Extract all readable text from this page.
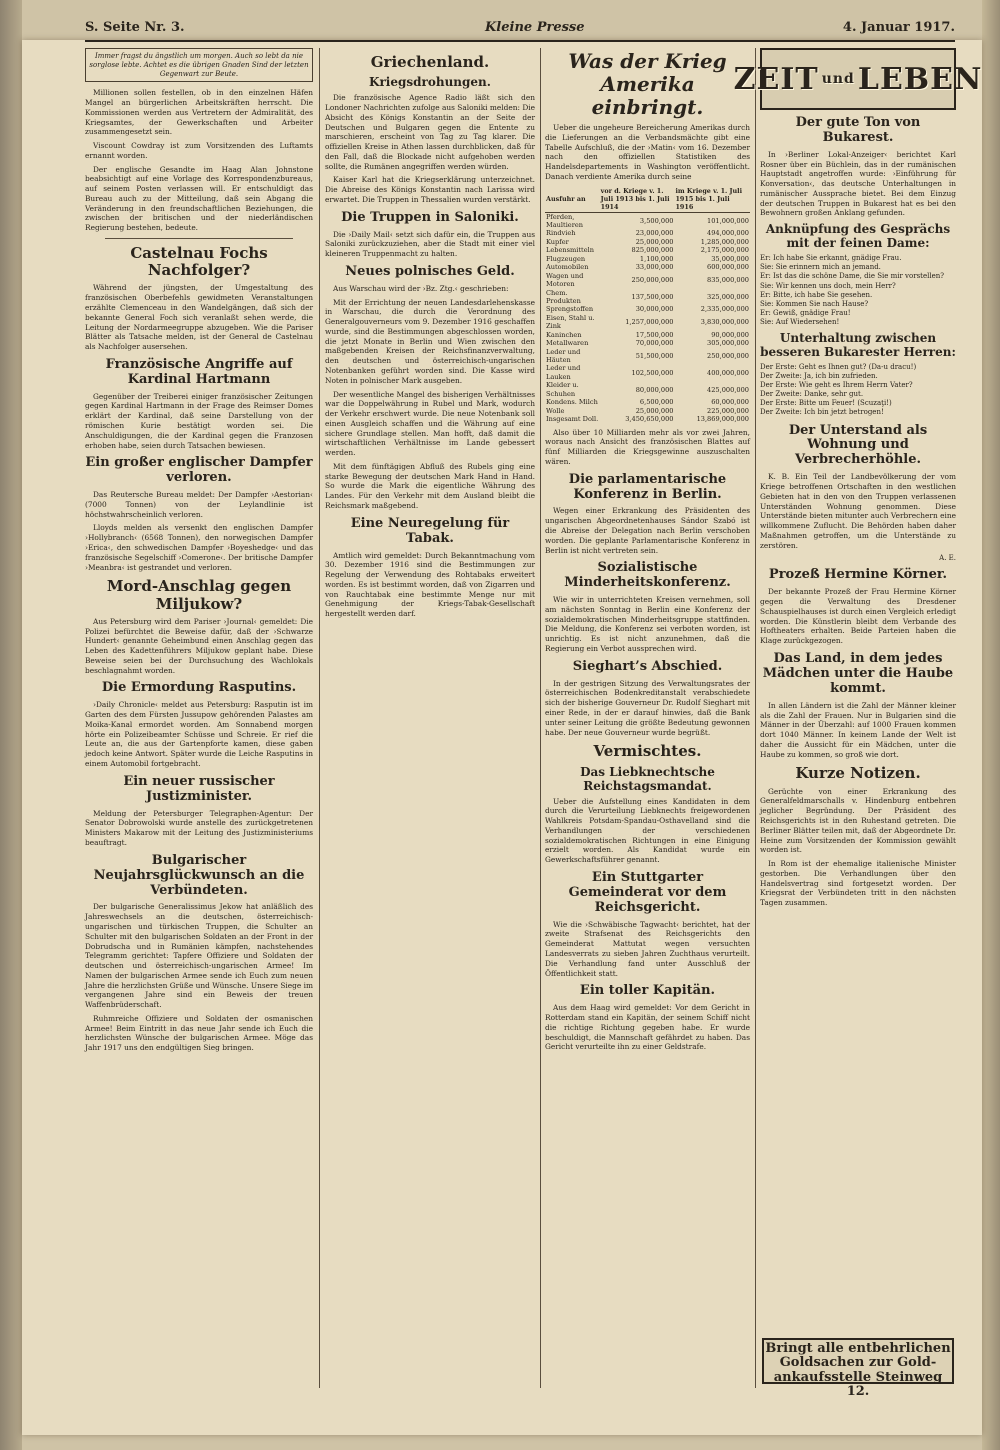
S. Seite Nr. 3.	Kleine Presse	4. Januar 1917.
Immer fragst du ängstlich um morgen. Auch so lebt da nie sorglose lebte. Achtet es die übrigen Gnaden Sind der letzten Gegenwart zur Beute.

Millionen sollen festellen, ob in den einzelnen Häfen Mangel an bürgerlichen Arbeitskräften herrscht. Die Kommissionen werden aus Vertretern der Admiralität, des Kriegsamtes, der Gewerkschaften und Arbeiter zusammengesetzt sein.

Viscount Cowdray ist zum Vorsitzenden des Luftamts ernannt worden.

Der englische Gesandte im Haag Alan Johnstone beabsichtigt auf eine Vorlage des Korrespondenzbureaus, auf seinem Posten verlassen will. Er entschuldigt das Bureau auch zu der Mitteilung, daß sein Abgang die Veränderung in den freundschaftlichen Beziehungen, die zwischen der britischen und der niederländischen Regierung bestehen, bedeute.

Castelnau Fochs Nachfolger?

Während der jüngsten, der Umgestaltung des französischen Oberbefehls gewidmeten Veranstaltungen erzählte Clemenceau in den Wandelgängen, daß sich der bekannte General Foch sich veranlaßt sehen werde, die Leitung der Nordarmeegruppe abzugeben. Wie die Pariser Blätter als Tatsache melden, ist der General de Castelnau als Nachfolger ausersehen.

Französische Angriffe auf Kardinal Hartmann

Gegenüber der Treiberei einiger französischer Zeitungen gegen Kardinal Hartmann in der Frage des Reimser Domes erklärt der Kardinal, daß seine Darstellung von der römischen Kurie bestätigt worden sei. Die Anschuldigungen, die der Kardinal gegen die Franzosen erhoben habe, seien durch Tatsachen bewiesen.

Ein großer englischer Dampfer verloren.

Das Reutersche Bureau meldet: Der Dampfer ›Aestorian‹ (7000 Tonnen) von der Leylandlinie ist höchstwahrscheinlich verloren.

Lloyds melden als versenkt den englischen Dampfer ›Hollybranch‹ (6568 Tonnen), den norwegischen Dampfer ›Erica‹, den schwedischen Dampfer ›Boyeshedge‹ und das französische Segelschiff ›Comerone‹. Der britische Dampfer ›Meanbra‹ ist gestrandet und verloren.

Mord-Anschlag gegen Miljukow?

Aus Petersburg wird dem Pariser ›Journal‹ gemeldet: Die Polizei befürchtet die Beweise dafür, daß der ›Schwarze Hundert‹ genannte Geheimbund einen Anschlag gegen das Leben des Kadettenführers Miljukow geplant habe. Diese Beweise seien bei der Durchsuchung des Wachlokals beschlagnahmt worden.

Die Ermordung Rasputins.

›Daily Chronicle‹ meldet aus Petersburg: Rasputin ist im Garten des dem Fürsten Jussupow gehörenden Palastes am Moika-Kanal ermordet worden. Am Sonnabend morgen hörte ein Polizeibeamter Schüsse und Schreie. Er rief die Leute an, die aus der Gartenpforte kamen, diese gaben jedoch keine Antwort. Später wurde die Leiche Rasputins in einem Automobil fortgebracht.

Ein neuer russischer Justizminister.

Meldung der Petersburger Telegraphen-Agentur: Der Senator Dobrowolski wurde anstelle des zurückgetretenen Ministers Makarow mit der Leitung des Justizministeriums beauftragt.

Bulgarischer Neujahrsglückwunsch an die Verbündeten.

Der bulgarische Generalissimus Jekow hat anläßlich des Jahreswechsels an die deutschen, österreichisch-ungarischen und türkischen Truppen, die Schulter an Schulter mit den bulgarischen Soldaten an der Front in der Dobrudscha und in Rumänien kämpfen, nachstehendes Telegramm gerichtet: Tapfere Offiziere und Soldaten der deutschen und österreichisch-ungarischen Armee! Im Namen der bulgarischen Armee sende ich Euch zum neuen Jahre die herzlichsten Grüße und Wünsche. Unsere Siege im vergangenen Jahre sind ein Beweis der treuen Waffenbrüderschaft.

Ruhmreiche Offiziere und Soldaten der osmanischen Armee! Beim Eintritt in das neue Jahr sende ich Euch die herzlichsten Wünsche der bulgarischen Armee. Möge das Jahr 1917 uns den endgültigen Sieg bringen.

Griechenland.
Kriegsdrohungen.

Die französische Agence Radio läßt sich den Londoner Nachrichten zufolge aus Saloniki melden: Die Absicht des Königs Konstantin an der Seite der Deutschen und Bulgaren gegen die Entente zu marschieren, erscheint von Tag zu Tag klarer. Die offiziellen Kreise in Athen lassen durchblicken, daß für den Fall, daß die Blockade nicht aufgehoben werden sollte, die Rumänen angegriffen werden würden.

Kaiser Karl hat die Kriegserklärung unterzeichnet. Die Abreise des Königs Konstantin nach Larissa wird erwartet. Die Truppen in Thessalien wurden verstärkt.

Die Truppen in Saloniki.

Die ›Daily Mail‹ setzt sich dafür ein, die Truppen aus Saloniki zurückzuziehen, aber die Stadt mit einer viel kleineren Truppenmacht zu halten.

Neues polnisches Geld.

Aus Warschau wird der ›Bz. Ztg.‹ geschrieben:

Mit der Errichtung der neuen Landesdarlehenskasse in Warschau, die durch die Verordnung des Generalgouverneurs vom 9. Dezember 1916 geschaffen wurde, sind die Bestimmungen abgeschlossen worden, die jetzt Monate in Berlin und Wien zwischen den maßgebenden Kreisen der Reichsfinanzverwaltung, den deutschen und österreichisch-ungarischen Notenbanken geführt worden sind. Die Kasse wird Noten in polnischer Mark ausgeben.

Der wesentliche Mangel des bisherigen Verhältnisses war die Doppelwährung in Rubel und Mark, wodurch der Verkehr erschwert wurde. Die neue Notenbank soll einen Ausgleich schaffen und die Währung auf eine sichere Grundlage stellen. Man hofft, daß damit die wirtschaftlichen Verhältnisse im Lande gebessert werden.

Mit dem fünftägigen Abfluß des Rubels ging eine starke Bewegung der deutschen Mark Hand in Hand. So wurde die Mark die eigentliche Währung des Landes. Für den Verkehr mit dem Ausland bleibt die Reichsmark maßgebend.

Eine Neuregelung für Tabak.

Amtlich wird gemeldet: Durch Bekanntmachung vom 30. Dezember 1916 sind die Bestimmungen zur Regelung der Verwendung des Rohtabaks erweitert worden. Es ist bestimmt worden, daß von Zigarren und von Rauchtabak eine bestimmte Menge nur mit Genehmigung der Kriegs-Tabak-Gesellschaft hergestellt werden darf.

Was der Krieg Amerika einbringt.

Ueber die ungeheure Bereicherung Amerikas durch die Lieferungen an die Verbandsmächte gibt eine Tabelle Aufschluß, die der ›Matin‹ vom 16. Dezember nach den offiziellen Statistiken des Handelsdepartements in Washington veröffentlicht. Danach verdiente Amerika durch seine

Ausfuhr an	vor d. Kriege v. 1. Juli 1913 bis 1. Juli 1914	im Kriege v. 1. Juli 1915 bis 1. Juli 1916
Pferden, Maultieren	3,500,000	101,000,000
Rindvieh	23,000,000	494,000,000
Kupfer	25,000,000	1,285,000,000
Lebensmitteln	825,000,000	2,175,000,000
Flugzeugen	1,100,000	35,000,000
Automobilen	33,000,000	600,000,000
Wagen und Motoren	250,000,000	835,000,000
Chem. Produkten	137,500,000	325,000,000
Sprengstoffen	30,000,000	2,335,000,000
Eisen, Stahl u. Zink	1,257,000,000	3,830,000,000
Kaninchen	17,500,000	90,000,000
Metallwaren	70,000,000	305,000,000
Leder und Häuten	51,500,000	250,000,000
Leder und Lauken	102,500,000	400,000,000
Kleider u. Schuhen	80,000,000	425,000,000
Kondens. Milch	6,500,000	60,000,000
Wolle	25,000,000	225,000,000
Insgesamt Doll.	3,450,650,000	13,869,000,000

Also über 10 Milliarden mehr als vor zwei Jahren, woraus nach Ansicht des französischen Blattes auf fünf Milliarden die Kriegsgewinne auszuschalten wären.

Die parlamentarische Konferenz in Berlin.

Wegen einer Erkrankung des Präsidenten des ungarischen Abgeordnetenhauses Sándor Szabó ist die Abreise der Delegation nach Berlin verschoben worden. Die geplante Parlamentarische Konferenz in Berlin ist nicht vertreten sein.

Sozialistische Minderheitskonferenz.

Wie wir in unterrichteten Kreisen vernehmen, soll am nächsten Sonntag in Berlin eine Konferenz der sozialdemokratischen Minderheitsgruppe stattfinden. Die Meldung, die Konferenz sei verboten worden, ist unrichtig. Es ist nicht anzunehmen, daß die Regierung ein Verbot aussprechen wird.

Sieghart’s Abschied.

In der gestrigen Sitzung des Verwaltungsrates der österreichischen Bodenkreditanstalt verabschiedete sich der bisherige Gouverneur Dr. Rudolf Sieghart mit einer Rede, in der er darauf hinwies, daß die Bank unter seiner Leitung die größte Bedeutung gewonnen habe. Der neue Gouverneur wurde begrüßt.

Vermischtes.
Das Liebknechtsche Reichstagsmandat.

Ueber die Aufstellung eines Kandidaten in dem durch die Verurteilung Liebknechts freigewordenen Wahlkreis Potsdam-Spandau-Osthavelland sind die Verhandlungen der verschiedenen sozialdemokratischen Richtungen in eine Einigung erzielt worden. Als Kandidat wurde ein Gewerkschaftsführer genannt.

Ein Stuttgarter Gemeinderat vor dem Reichsgericht.

Wie die ›Schwäbische Tagwacht‹ berichtet, hat der zweite Strafsenat des Reichsgerichts den Gemeinderat Mattutat wegen versuchten Landesverrats zu sieben Jahren Zuchthaus verurteilt. Die Verhandlung fand unter Ausschluß der Öffentlichkeit statt.

Ein toller Kapitän.

Aus dem Haag wird gemeldet: Vor dem Gericht in Rotterdam stand ein Kapitän, der seinem Schiff nicht die richtige Richtung gegeben habe. Er wurde beschuldigt, die Mannschaft gefährdet zu haben. Das Gericht verurteilte ihn zu einer Geldstrafe.

ZEIT und LEBEN
Der gute Ton von Bukarest.

In ›Berliner Lokal-Anzeiger‹ berichtet Karl Rosner über ein Büchlein, das in der rumänischen Hauptstadt angetroffen wurde: ›Einführung für Konversation‹, das deutsche Unterhaltungen in rumänischer Aussprache bietet. Bei dem Einzug der deutschen Truppen in Bukarest hat es bei den Bewohnern großen Anklang gefunden.

Anknüpfung des Gesprächs mit der feinen Dame:
Er: Ich habe Sie erkannt, gnädige Frau.
Sie: Sie erinnern mich an jemand.
Er: Ist das die schöne Dame, die Sie mir vorstellen?
Sie: Wir kennen uns doch, mein Herr?
Er: Bitte, ich habe Sie gesehen.
Sie: Kommen Sie nach Hause?
Er: Gewiß, gnädige Frau!
Sie: Auf Wiedersehen!
Unterhaltung zwischen besseren Bukarester Herren:
Der Erste: Geht es Ihnen gut? (Da-u dracu!)
Der Zweite: Ja, ich bin zufrieden.
Der Erste: Wie geht es Ihrem Herrn Vater?
Der Zweite: Danke, sehr gut.
Der Erste: Bitte um Feuer! (Scuzaţi!)
Der Zweite: Ich bin jetzt betrogen!
Der Unterstand als Wohnung und Verbrecherhöhle.

K. B. Ein Teil der Landbevölkerung der vom Kriege betroffenen Ortschaften in den westlichen Gebieten hat in den von den Truppen verlassenen Unterständen Wohnung genommen. Diese Unterstände bieten mitunter auch Verbrechern eine willkommene Zuflucht. Die Behörden haben daher Maßnahmen getroffen, um die Unterstände zu zerstören.

A. E.
Prozeß Hermine Körner.

Der bekannte Prozeß der Frau Hermine Körner gegen die Verwaltung des Dresdener Schauspielhauses ist durch einen Vergleich erledigt worden. Die Künstlerin bleibt dem Verbande des Hoftheaters erhalten. Beide Parteien haben die Klage zurückgezogen.

Das Land, in dem jedes Mädchen unter die Haube kommt.

In allen Ländern ist die Zahl der Männer kleiner als die Zahl der Frauen. Nur in Bulgarien sind die Männer in der Überzahl: auf 1000 Frauen kommen dort 1040 Männer. In keinem Lande der Welt ist daher die Aussicht für ein Mädchen, unter die Haube zu kommen, so groß wie dort.

Kurze Notizen.

Gerüchte von einer Erkrankung des Generalfeldmarschalls v. Hindenburg entbehren jeglicher Begründung. Der Präsident des Reichsgerichts ist in den Ruhestand getreten. Die Berliner Blätter teilen mit, daß der Abgeordnete Dr. Heine zum Vorsitzenden der Kommission gewählt worden ist.

In Rom ist der ehemalige italienische Minister gestorben. Die Verhandlungen über den Handelsvertrag sind fortgesetzt worden. Der Kriegsrat der Verbündeten tritt in den nächsten Tagen zusammen.

Bringt alle entbehrlichen
Goldsachen zur Gold-
ankaufsstelle Steinweg 12.
